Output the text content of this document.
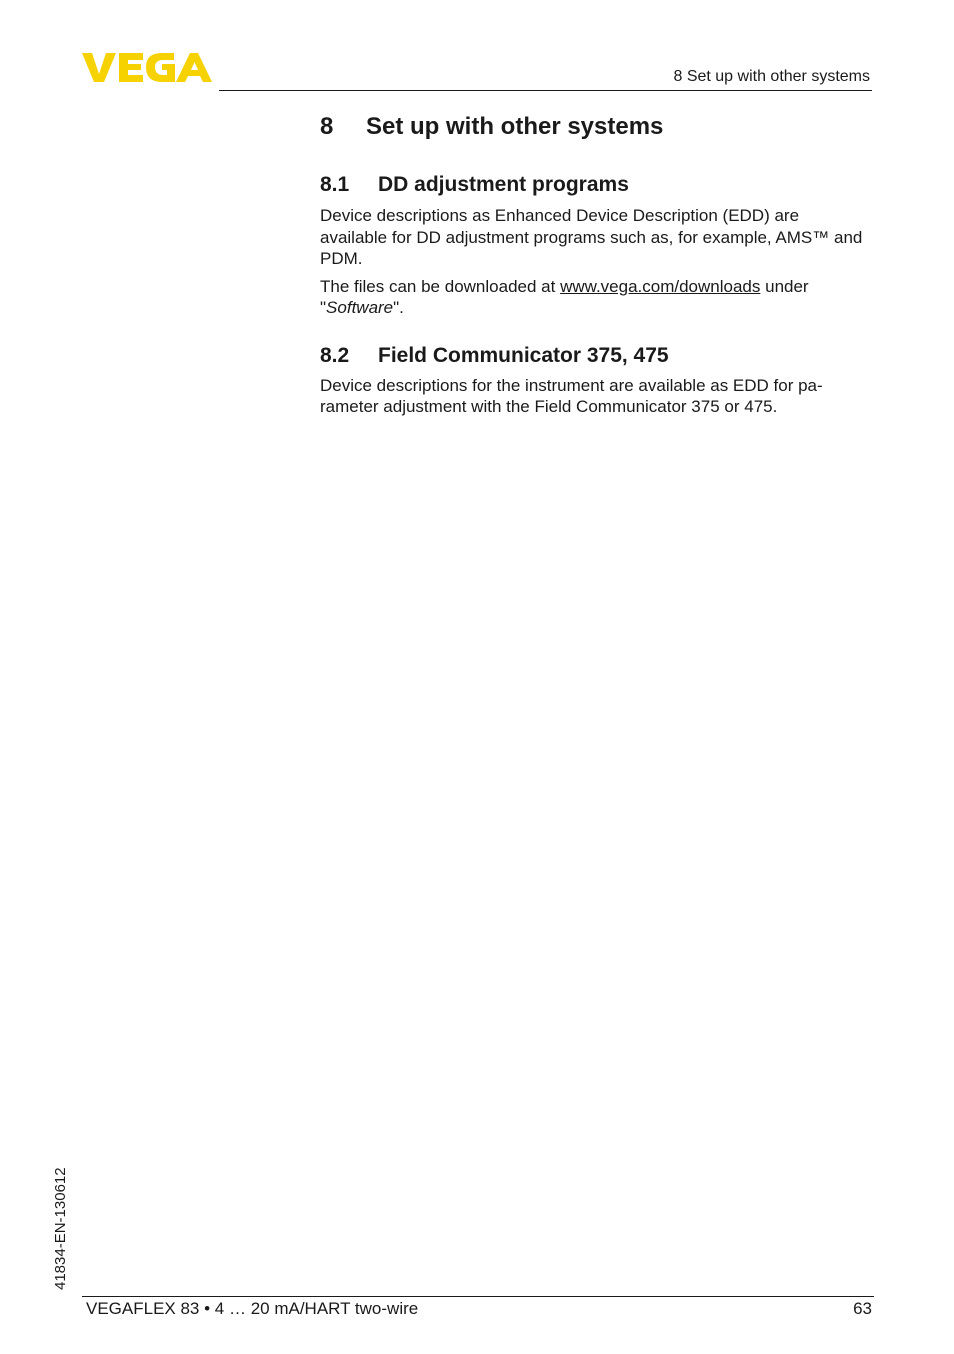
8 Set up with other systems
8	Set up with other systems
8.1	DD adjustment programs

Device descriptions as Enhanced Device Description (EDD) are available for DD adjustment programs such as, for example, AMS™ and PDM.

The files can be downloaded at www.vega.com/downloads under "Software".

8.2	Field Communicator 375, 475

Device descriptions for the instrument are available as EDD for pa- rameter adjustment with the Field Communicator 375 or 475.

41834-EN-130612
VEGAFLEX 83 • 4 … 20 mA/HART two-wire	63
